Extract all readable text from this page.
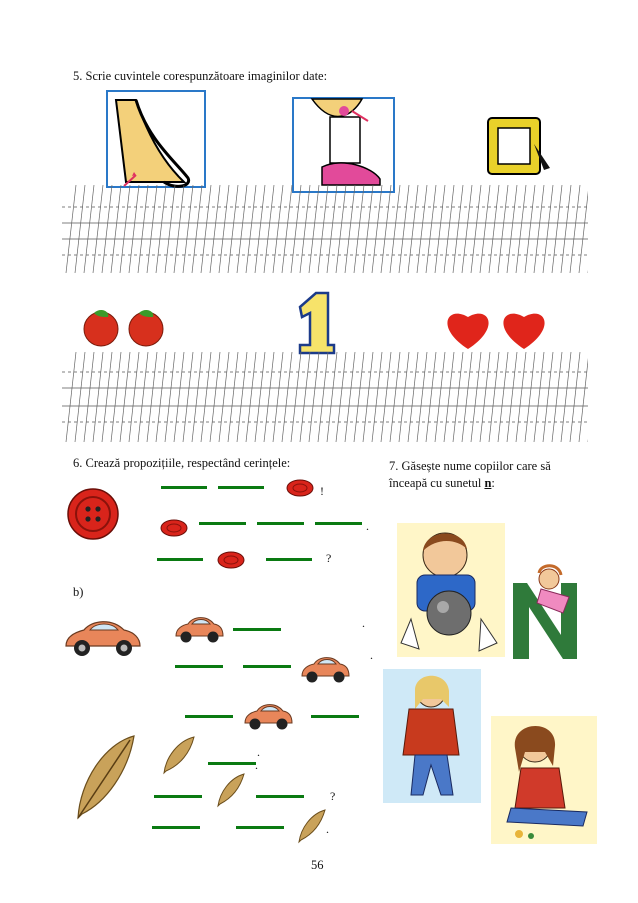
5. Scrie cuvintele corespunzătoare imaginilor date:
6. Crează propozițiile, respectând cerințele:
!
.
?
b)
.
.
.
.
?
.
7. Găsește nume copiilor care să
înceapă cu sunetul n:
56
